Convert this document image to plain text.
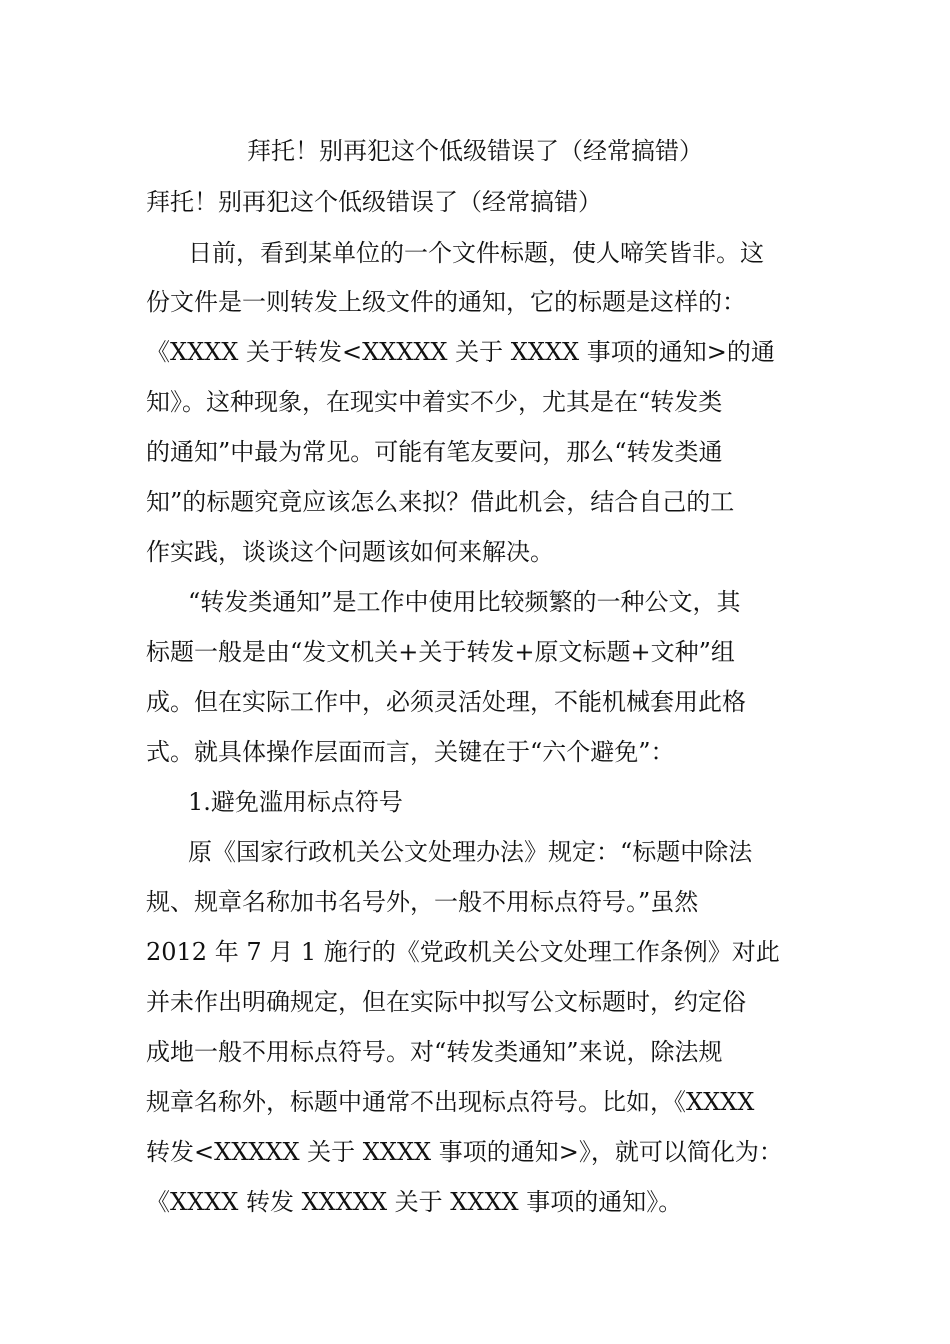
拜托！别再犯这个低级错误了（经常搞错）
拜托！别再犯这个低级错误了（经常搞错）
日前，看到某单位的一个文件标题，使人啼笑皆非。这
份文件是一则转发上级文件的通知，它的标题是这样的：
《XXXX 关于转发<XXXXX 关于 XXXX 事项的通知>的通
知》。这种现象，在现实中着实不少，尤其是在“转发类
的通知”中最为常见。可能有笔友要问，那么“转发类通
知”的标题究竟应该怎么来拟？借此机会，结合自己的工
作实践，谈谈这个问题该如何来解决。
“转发类通知”是工作中使用比较频繁的一种公文，其
标题一般是由“发文机关+关于转发+原文标题+文种”组
成。但在实际工作中，必须灵活处理，不能机械套用此格
式。就具体操作层面而言，关键在于“六个避免”：
1.避免滥用标点符号
原《国家行政机关公文处理办法》规定：“标题中除法
规、规章名称加书名号外，一般不用标点符号。”虽然
2012 年 7 月 1 施行的《党政机关公文处理工作条例》对此
并未作出明确规定，但在实际中拟写公文标题时，约定俗
成地一般不用标点符号。对“转发类通知”来说，除法规
规章名称外，标题中通常不出现标点符号。比如，《XXXX
转发<XXXXX 关于 XXXX 事项的通知>》，就可以简化为：
《XXXX 转发 XXXXX 关于 XXXX 事项的通知》。
